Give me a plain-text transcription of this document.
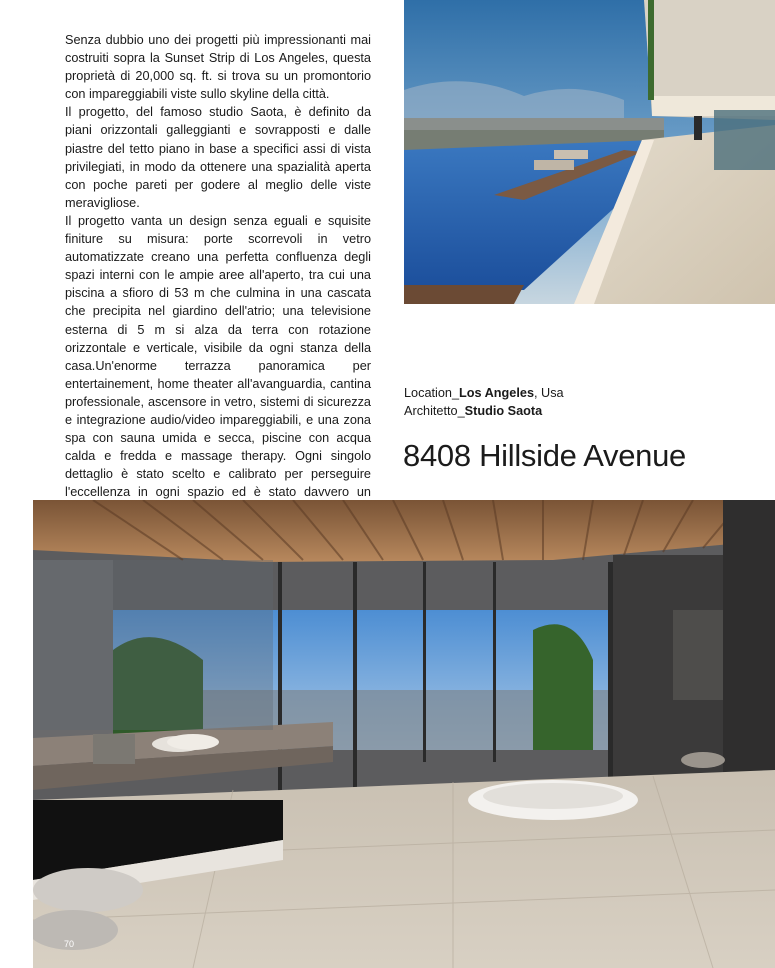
Senza dubbio uno dei progetti più impressionanti mai costruiti sopra la Sunset Strip di Los Angeles, questa proprietà di 20,000 sq. ft. si trova su un promontorio con impareggiabili viste sullo skyline della città.

Il progetto, del famoso studio Saota, è definito da piani orizzontali galleggianti e sovrapposti e dalle piastre del tetto piano in base a specifici assi di vista privilegiati, in modo da ottenere una spazialità aperta con poche pareti per godere al meglio delle viste meravigliose.

Il progetto vanta un design senza eguali e squisite finiture su misura: porte scorrevoli in vetro automatizzate creano una perfetta confluenza degli spazi interni con le ampie aree all'aperto, tra cui una piscina a sfioro di 53 m che culmina in una cascata che precipita nel giardino dell'atrio; una televisione esterna di 5 m si alza da terra con rotazione orizzontale e verticale, visibile da ogni stanza della casa.Un'enorme terrazza panoramica per entertainement, home theater all'avanguardia, cantina professionale, ascensore in vetro, sistemi di sicurezza e integrazione audio/video impareggiabili, e una zona spa con sauna umida e secca, piscine con acqua calda e fredda e massage therapy. Ogni singolo dettaglio è stato scelto e calibrato per perseguire l'eccellenza in ogni spazio ed è stato davvero un

Location_Los Angeles, Usa
Architetto_Studio Saota
8408 Hillside Avenue
70
